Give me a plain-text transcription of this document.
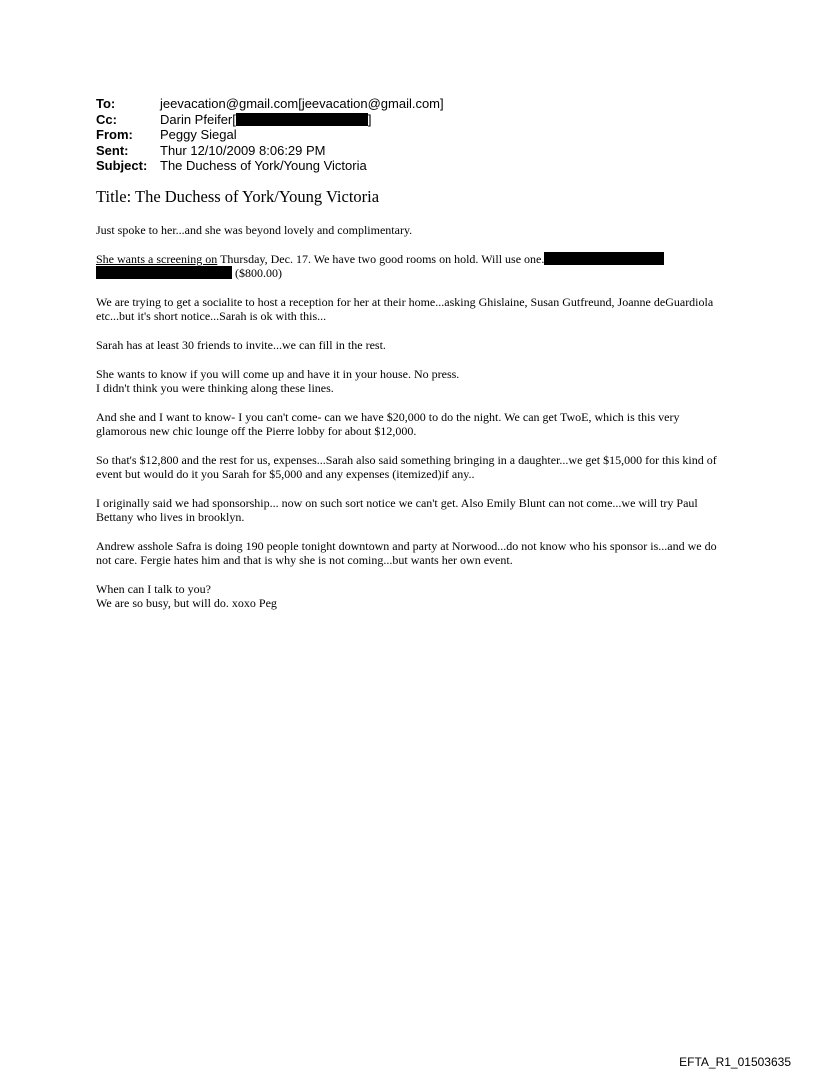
To:	jeevacation@gmail.com[jeevacation@gmail.com]
Cc:	Darin Pfeifer[	]
From:	Peggy Siegal
Sent:	Thur 12/10/2009 8:06:29 PM
Subject: The Duchess of York/Young Victoria
Title: The Duchess of York/Young Victoria

Just spoke to her...and she was beyond lovely and complimentary.

She wants a screening on Thursday, Dec. 17. We have two good rooms on hold. Will use one.
($800.00)

We are trying to get a socialite to host a reception for her at their home...asking Ghislaine, Susan Gutfreund, Joanne deGuardiola etc...but it's short notice...Sarah is ok with this...

Sarah has at least 30 friends to invite...we can fill in the rest.

She wants to know if you will come up and have it in your house. No press.
I didn't think you were thinking along these lines.

And she and I want to know- I you can't come- can we have $20,000 to do the night. We can get TwoE, which is this very glamorous new chic lounge off the Pierre lobby for about $12,000.

So that's $12,800 and the rest for us, expenses...Sarah also said something bringing in a daughter...we get $15,000 for this kind of event but would do it you Sarah for $5,000 and any expenses (itemized)if any..

I originally said we had sponsorship... now on such sort notice we can't get. Also Emily Blunt can not come...we will try Paul Bettany who lives in brooklyn.

Andrew asshole Safra is doing 190 people tonight downtown and party at Norwood...do not know who his sponsor is...and we do not care. Fergie hates him and that is why she is not coming...but wants her own event.

When can I talk to you?
We are so busy, but will do. xoxo Peg

EFTA_R1_01503635
